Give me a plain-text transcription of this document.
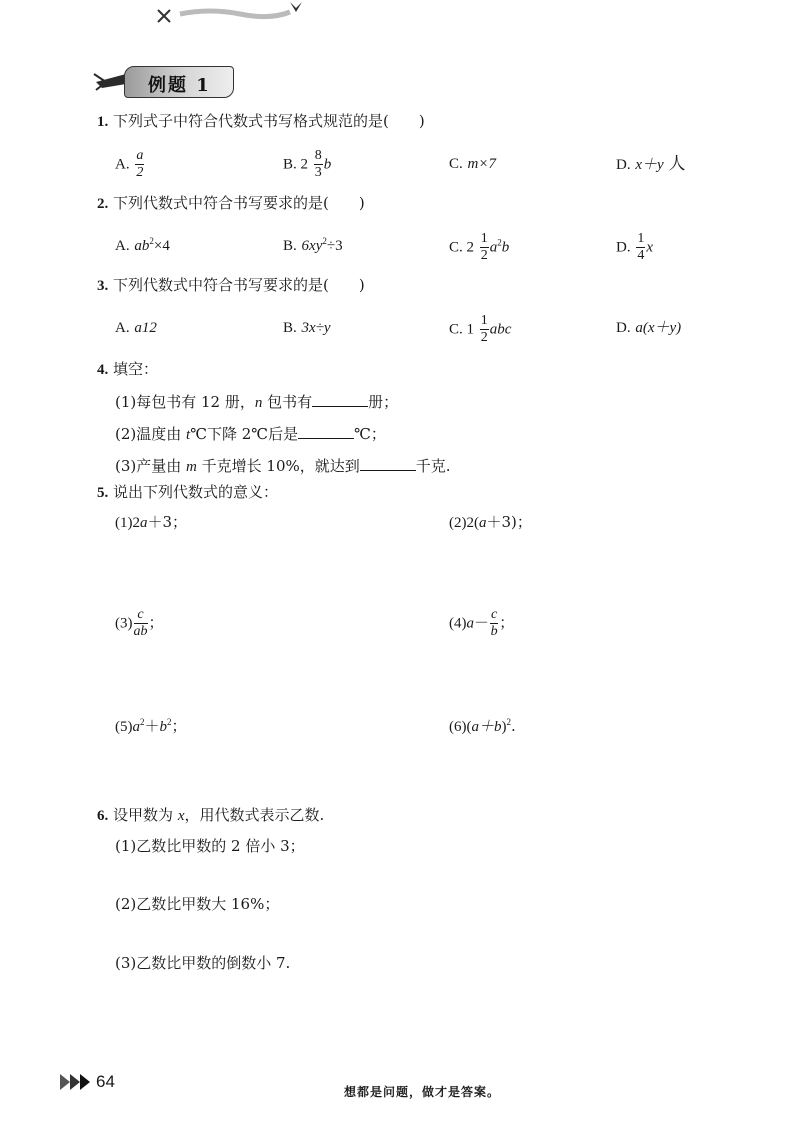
例题 1
1. 下列式子中符合代数式书写格式规范的是(　　)
A. $\frac{a}{2}$	B. $2 \frac{8}{3}$ b	C. m×7	D. x＋y 人
2. 下列代数式中符合书写要求的是(　　)
A. $ab^2\times 4$	B. $6xy^2\div 3$	C. $2 \frac{1}{2} a^2b$	D. $\frac{1}{4}$ x
3. 下列代数式中符合书写要求的是(　　)
A. a12	B. 3x÷y	C. $1 \frac{1}{2}$ abc	D. a(x＋y)
4. 填空：
(1)每包书有 12 册，n 包书有	册；
(2)温度由 t℃下降 2℃后是	℃；
(3)产量由 m 千克增长 10%，就达到	千克.
5. 说出下列代数式的意义：
(1)2a＋3；	(2)2(a＋3)；
$(3) \frac{c}{ab}$ ；	$(4)a- \frac{c}{b}$ ；
$(5)a^2+b^2$；	$(6)(a+b)^2$.
6. 设甲数为 x，用代数式表示乙数.
(1)乙数比甲数的 2 倍小 3；
(2)乙数比甲数大 16%；
(3)乙数比甲数的倒数小 7.
64
想都是问题，做才是答案。
